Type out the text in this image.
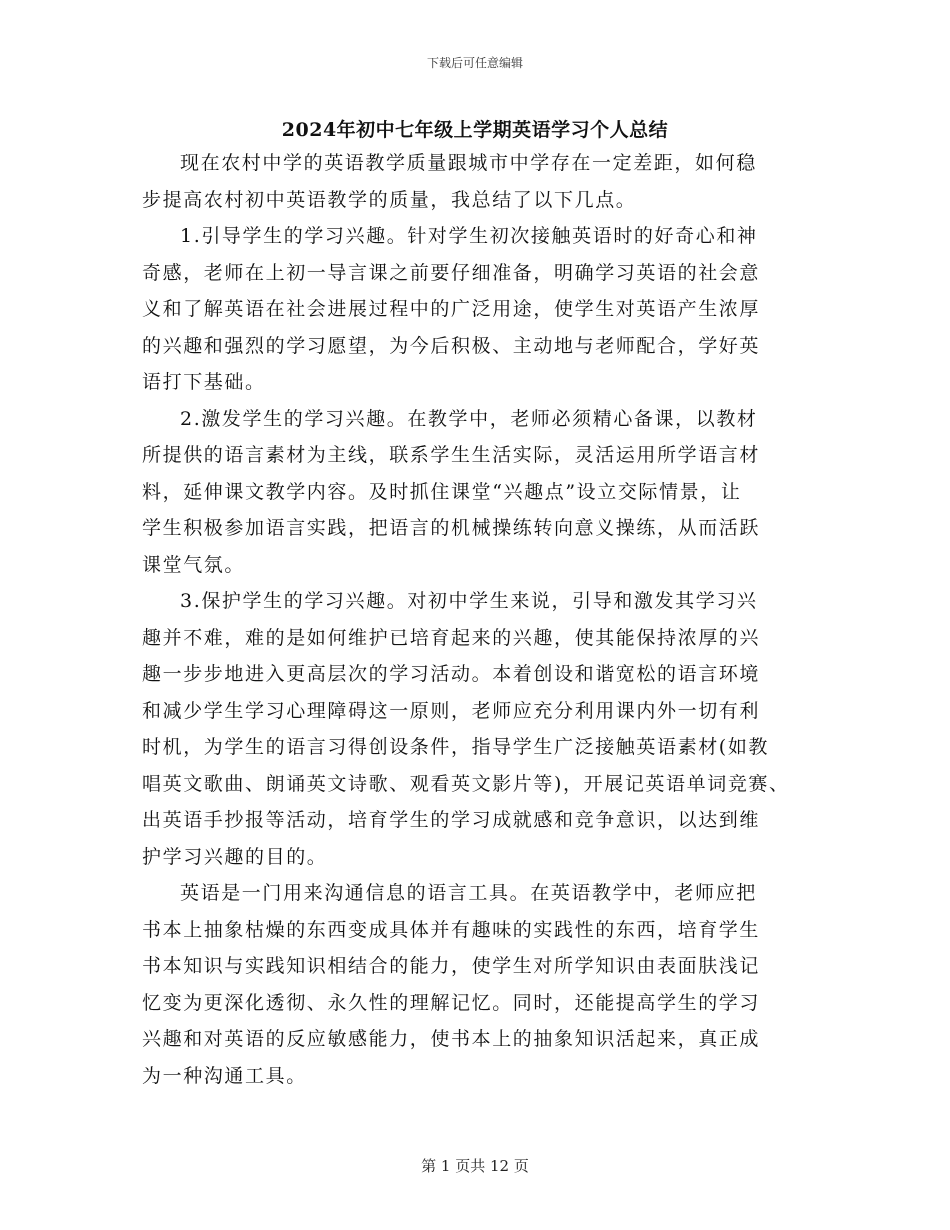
下载后可任意编辑
2024年初中七年级上学期英语学习个人总结

现在农村中学的英语教学质量跟城市中学存在一定差距，如何稳
步提高农村初中英语教学的质量，我总结了以下几点。

1.引导学生的学习兴趣。针对学生初次接触英语时的好奇心和神
奇感，老师在上初一导言课之前要仔细准备，明确学习英语的社会意
义和了解英语在社会进展过程中的广泛用途，使学生对英语产生浓厚
的兴趣和强烈的学习愿望，为今后积极、主动地与老师配合，学好英
语打下基础。

2.激发学生的学习兴趣。在教学中，老师必须精心备课，以教材
所提供的语言素材为主线，联系学生生活实际，灵活运用所学语言材
料，延伸课文教学内容。及时抓住课堂“兴趣点”设立交际情景，让
学生积极参加语言实践，把语言的机械操练转向意义操练，从而活跃
课堂气氛。

3.保护学生的学习兴趣。对初中学生来说，引导和激发其学习兴
趣并不难，难的是如何维护已培育起来的兴趣，使其能保持浓厚的兴
趣一步步地进入更高层次的学习活动。本着创设和谐宽松的语言环境
和减少学生学习心理障碍这一原则，老师应充分利用课内外一切有利
时机，为学生的语言习得创设条件，指导学生广泛接触英语素材(如教
唱英文歌曲、朗诵英文诗歌、观看英文影片等)，开展记英语单词竞赛、
出英语手抄报等活动，培育学生的学习成就感和竞争意识，以达到维
护学习兴趣的目的。

英语是一门用来沟通信息的语言工具。在英语教学中，老师应把
书本上抽象枯燥的东西变成具体并有趣味的实践性的东西，培育学生
书本知识与实践知识相结合的能力，使学生对所学知识由表面肤浅记
忆变为更深化透彻、永久性的理解记忆。同时，还能提高学生的学习
兴趣和对英语的反应敏感能力，使书本上的抽象知识活起来，真正成
为一种沟通工具。

第 1 页共 12 页
